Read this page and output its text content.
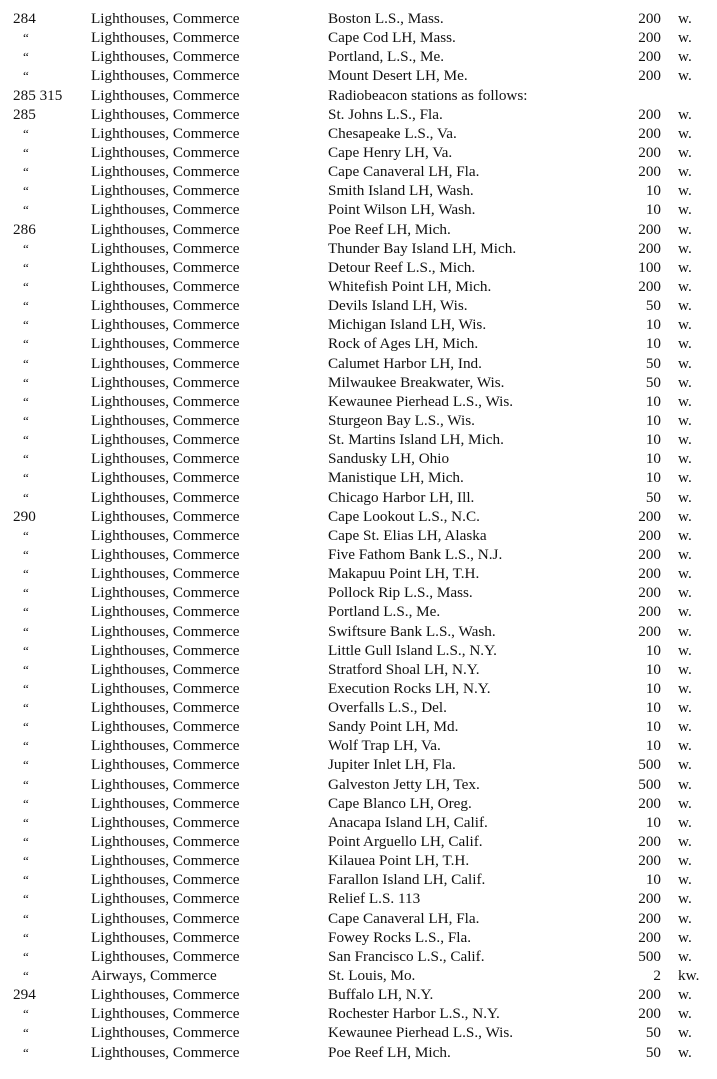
284	Lighthouses, Commerce	Boston L.S., Mass.	200 w.
“	Lighthouses, Commerce	Cape Cod LH, Mass.	200 w.
“	Lighthouses, Commerce	Portland, L.S., Me.	200 w.
“	Lighthouses, Commerce	Mount Desert LH, Me.	200 w.
285 315	Lighthouses, Commerce	Radiobeacon stations as follows:
285	Lighthouses, Commerce	St. Johns L.S., Fla.	200 w.
“	Lighthouses, Commerce	Chesapeake L.S., Va.	200 w.
“	Lighthouses, Commerce	Cape Henry LH, Va.	200 w.
“	Lighthouses, Commerce	Cape Canaveral LH, Fla.	200 w.
“	Lighthouses, Commerce	Smith Island LH, Wash.	10 w.
“	Lighthouses, Commerce	Point Wilson LH, Wash.	10 w.
286	Lighthouses, Commerce	Poe Reef LH, Mich.	200 w.
“	Lighthouses, Commerce	Thunder Bay Island LH, Mich.	200 w.
“	Lighthouses, Commerce	Detour Reef L.S., Mich.	100 w.
“	Lighthouses, Commerce	Whitefish Point LH, Mich.	200 w.
“	Lighthouses, Commerce	Devils Island LH, Wis.	50 w.
“	Lighthouses, Commerce	Michigan Island LH, Wis.	10 w.
“	Lighthouses, Commerce	Rock of Ages LH, Mich.	10 w.
“	Lighthouses, Commerce	Calumet Harbor LH, Ind.	50 w.
“	Lighthouses, Commerce	Milwaukee Breakwater, Wis.	50 w.
“	Lighthouses, Commerce	Kewaunee Pierhead L.S., Wis.	10 w.
“	Lighthouses, Commerce	Sturgeon Bay L.S., Wis.	10 w.
“	Lighthouses, Commerce	St. Martins Island LH, Mich.	10 w.
“	Lighthouses, Commerce	Sandusky LH, Ohio	10 w.
“	Lighthouses, Commerce	Manistique LH, Mich.	10 w.
“	Lighthouses, Commerce	Chicago Harbor LH, Ill.	50 w.
290	Lighthouses, Commerce	Cape Lookout L.S., N.C.	200 w.
“	Lighthouses, Commerce	Cape St. Elias LH, Alaska	200 w.
“	Lighthouses, Commerce	Five Fathom Bank L.S., N.J.	200 w.
“	Lighthouses, Commerce	Makapuu Point LH, T.H.	200 w.
“	Lighthouses, Commerce	Pollock Rip L.S., Mass.	200 w.
“	Lighthouses, Commerce	Portland L.S., Me.	200 w.
“	Lighthouses, Commerce	Swiftsure Bank L.S., Wash.	200 w.
“	Lighthouses, Commerce	Little Gull Island L.S., N.Y.	10 w.
“	Lighthouses, Commerce	Stratford Shoal LH, N.Y.	10 w.
“	Lighthouses, Commerce	Execution Rocks LH, N.Y.	10 w.
“	Lighthouses, Commerce	Overfalls L.S., Del.	10 w.
“	Lighthouses, Commerce	Sandy Point LH, Md.	10 w.
“	Lighthouses, Commerce	Wolf Trap LH, Va.	10 w.
“	Lighthouses, Commerce	Jupiter Inlet LH, Fla.	500 w.
“	Lighthouses, Commerce	Galveston Jetty LH, Tex.	500 w.
“	Lighthouses, Commerce	Cape Blanco LH, Oreg.	200 w.
“	Lighthouses, Commerce	Anacapa Island LH, Calif.	10 w.
“	Lighthouses, Commerce	Point Arguello LH, Calif.	200 w.
“	Lighthouses, Commerce	Kilauea Point LH, T.H.	200 w.
“	Lighthouses, Commerce	Farallon Island LH, Calif.	10 w.
“	Lighthouses, Commerce	Relief L.S. 113	200 w.
“	Lighthouses, Commerce	Cape Canaveral LH, Fla.	200 w.
“	Lighthouses, Commerce	Fowey Rocks L.S., Fla.	200 w.
“	Lighthouses, Commerce	San Francisco L.S., Calif.	500 w.
“	Airways, Commerce	St. Louis, Mo.	2 kw.
294	Lighthouses, Commerce	Buffalo LH, N.Y.	200 w.
“	Lighthouses, Commerce	Rochester Harbor L.S., N.Y.	200 w.
“	Lighthouses, Commerce	Kewaunee Pierhead L.S., Wis.	50 w.
“	Lighthouses, Commerce	Poe Reef LH, Mich.	50 w.
